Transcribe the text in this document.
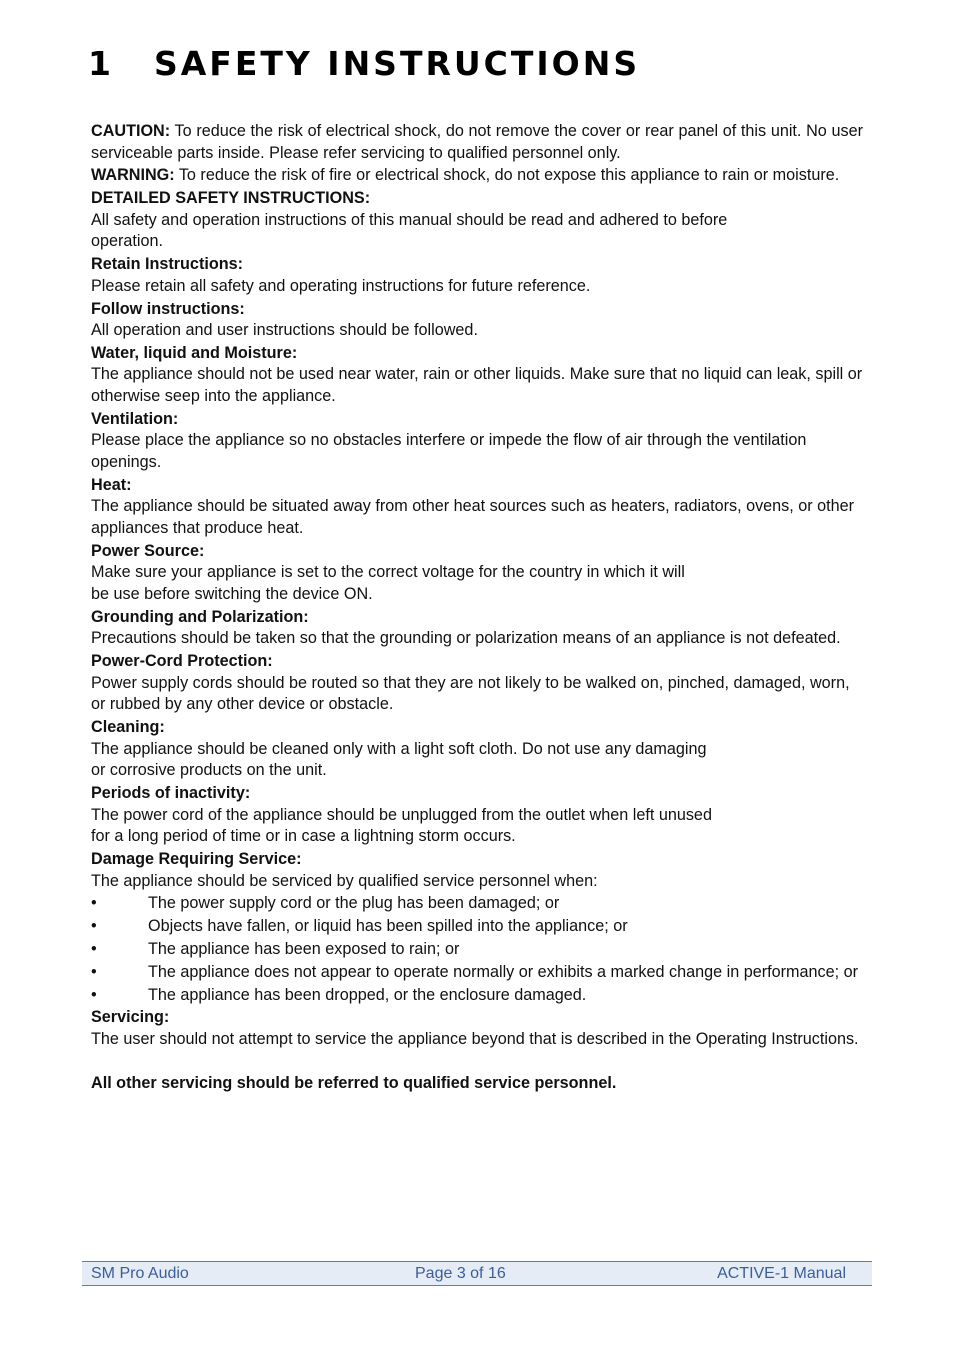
1 SAFETY INSTRUCTIONS

CAUTION: To reduce the risk of electrical shock, do not remove the cover or rear panel of this unit. No user serviceable parts inside. Please refer servicing to qualified personnel only.

WARNING: To reduce the risk of fire or electrical shock, do not expose this appliance to rain or moisture.

DETAILED SAFETY INSTRUCTIONS:
All safety and operation instructions of this manual should be read and adhered to before operation.

Retain Instructions:
Please retain all safety and operating instructions for future reference.

Follow instructions:
All operation and user instructions should be followed.

Water, liquid and Moisture:
The appliance should not be used near water, rain or other liquids. Make sure that no liquid can leak, spill or otherwise seep into the appliance.

Ventilation:
Please place the appliance so no obstacles interfere or impede the flow of air through the ventilation openings.

Heat:
The appliance should be situated away from other heat sources such as heaters, radiators, ovens, or other appliances that produce heat.

Power Source:
Make sure your appliance is set to the correct voltage for the country in which it will
be use before switching the device ON.

Grounding and Polarization:
Precautions should be taken so that the grounding or polarization means of an appliance is not defeated.

Power-Cord Protection:
Power supply cords should be routed so that they are not likely to be walked on, pinched, damaged, worn, or rubbed by any other device or obstacle.

Cleaning:
The appliance should be cleaned only with a light soft cloth. Do not use any damaging
or corrosive products on the unit.

Periods of inactivity:
The power cord of the appliance should be unplugged from the outlet when left unused
for a long period of time or in case a lightning storm occurs.

Damage Requiring Service:
The appliance should be serviced by qualified service personnel when:

•	The power supply cord or the plug has been damaged; or
•	Objects have fallen, or liquid has been spilled into the appliance; or
•	The appliance has been exposed to rain; or
•	The appliance does not appear to operate normally or exhibits a marked change in performance; or
•	The appliance has been dropped, or the enclosure damaged.

Servicing:
The user should not attempt to service the appliance beyond that is described in the Operating Instructions.

All other servicing should be referred to qualified service personnel.

SM Pro Audio	Page 3 of 16	ACTIVE-1 Manual
